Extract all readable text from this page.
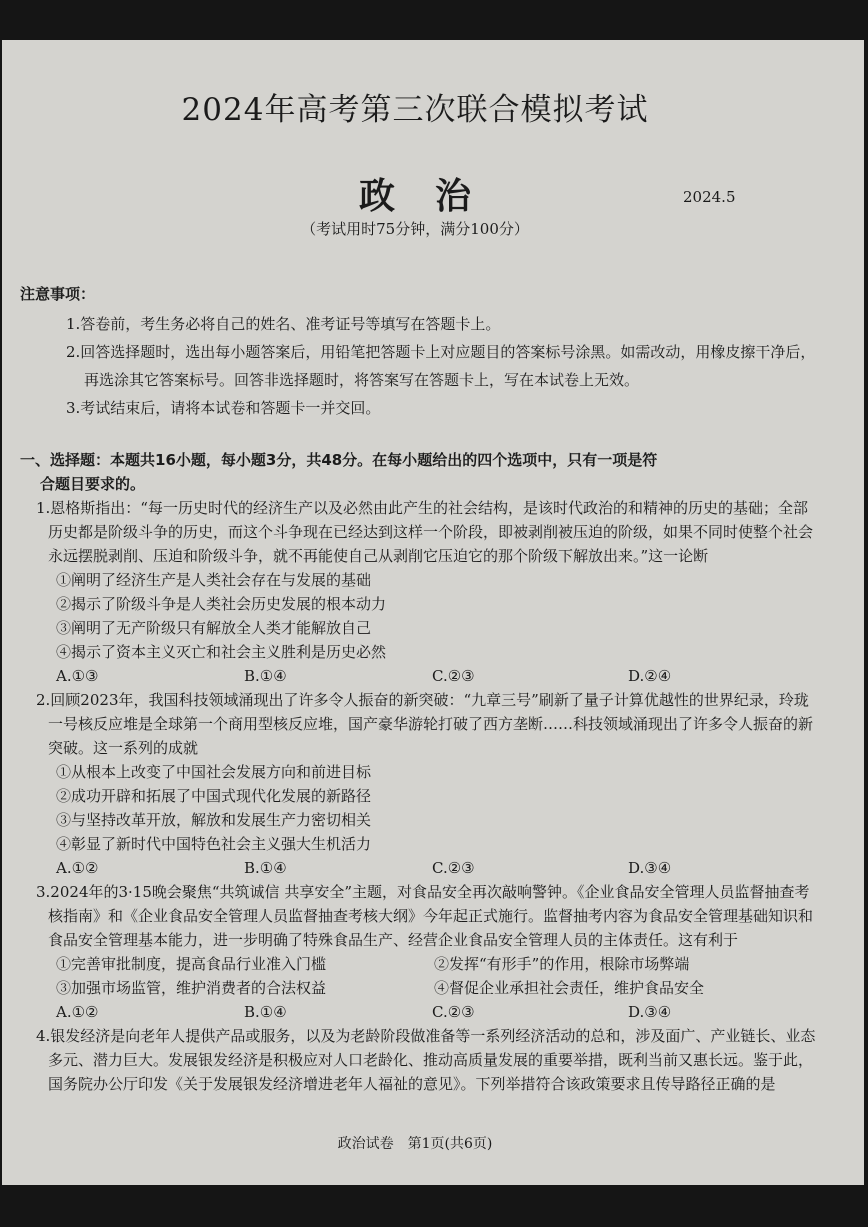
2024年高考第三次联合模拟考试
政治	2024.5
（考试用时75分钟，满分100分）
注意事项：

1.答卷前，考生务必将自己的姓名、准考证号等填写在答题卡上。

2.回答选择题时，选出每小题答案后，用铅笔把答题卡上对应题目的答案标号涂黑。如需改动，用橡皮擦干净后，再选涂其它答案标号。回答非选择题时，将答案写在答题卡上，写在本试卷上无效。

3.考试结束后，请将本试卷和答题卡一并交回。

一、选择题：本题共16小题，每小题3分，共48分。在每小题给出的四个选项中，只有一项是符
合题目要求的。

1.恩格斯指出：“每一历史时代的经济生产以及必然由此产生的社会结构，是该时代政治的和精神的历史的基础；全部历史都是阶级斗争的历史，而这个斗争现在已经达到这样一个阶段，即被剥削被压迫的阶级，如果不同时使整个社会永远摆脱剥削、压迫和阶级斗争，就不再能使自己从剥削它压迫它的那个阶级下解放出来。”这一论断

①阐明了经济生产是人类社会存在与发展的基础
②揭示了阶级斗争是人类社会历史发展的根本动力
③阐明了无产阶级只有解放全人类才能解放自己
④揭示了资本主义灭亡和社会主义胜利是历史必然
A.①③	B.①④	C.②③	D.②④

2.回顾2023年，我国科技领域涌现出了许多令人振奋的新突破：“九章三号”刷新了量子计算优越性的世界纪录，玲珑一号核反应堆是全球第一个商用型核反应堆，国产豪华游轮打破了西方垄断……科技领域涌现出了许多令人振奋的新突破。这一系列的成就

①从根本上改变了中国社会发展方向和前进目标
②成功开辟和拓展了中国式现代化发展的新路径
③与坚持改革开放，解放和发展生产力密切相关
④彰显了新时代中国特色社会主义强大生机活力
A.①②	B.①④	C.②③	D.③④

3.2024年的3·15晚会聚焦“共筑诚信 共享安全”主题，对食品安全再次敲响警钟。《企业食品安全管理人员监督抽查考核指南》和《企业食品安全管理人员监督抽查考核大纲》今年起正式施行。监督抽考内容为食品安全管理基础知识和食品安全管理基本能力，进一步明确了特殊食品生产、经营企业食品安全管理人员的主体责任。这有利于

①完善审批制度，提高食品行业准入门槛	②发挥“有形手”的作用，根除市场弊端
③加强市场监管，维护消费者的合法权益	④督促企业承担社会责任，维护食品安全
A.①②	B.①④	C.②③	D.③④

4.银发经济是向老年人提供产品或服务，以及为老龄阶段做准备等一系列经济活动的总和，涉及面广、产业链长、业态多元、潜力巨大。发展银发经济是积极应对人口老龄化、推动高质量发展的重要举措，既利当前又惠长远。鉴于此，国务院办公厅印发《关于发展银发经济增进老年人福祉的意见》。下列举措符合该政策要求且传导路径正确的是

政治试卷　第1页(共6页)
